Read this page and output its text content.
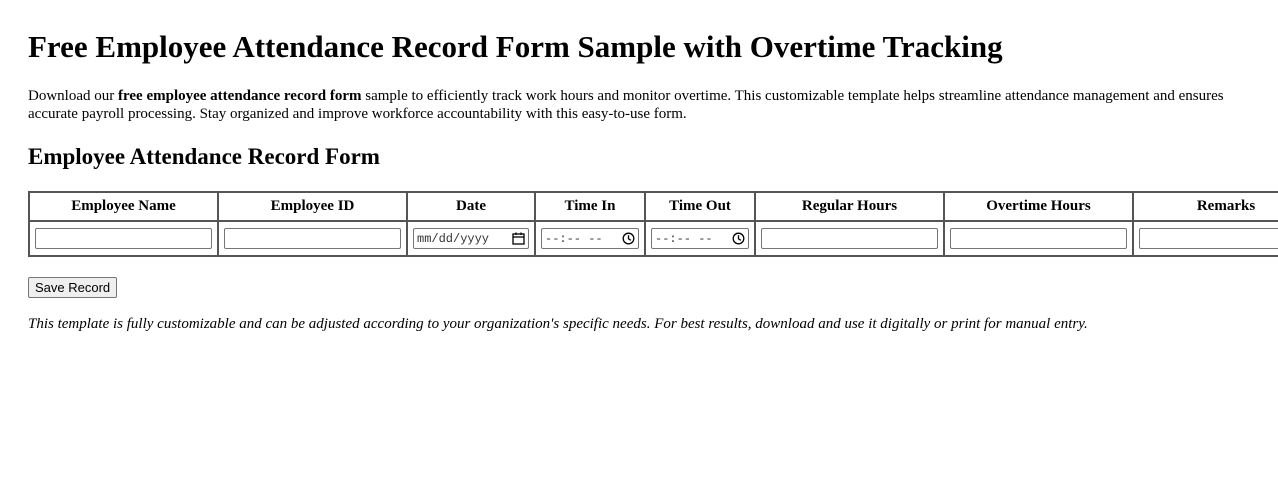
Free Employee Attendance Record Form Sample with Overtime Tracking

Download our free employee attendance record form sample to efficiently track work hours and monitor overtime. This customizable template helps streamline attendance management and ensures accurate payroll processing. Stay organized and improve workforce accountability with this easy-to-use form.

Employee Attendance Record Form
Employee Name	Employee ID	Date	Time In	Time Out	Regular Hours	Overtime Hours	Remarks

		mm/dd/yyyy	--:-- --	--:-- --			

Save Record

This template is fully customizable and can be adjusted according to your organization's specific needs. For best results, download and use it digitally or print for manual entry.
